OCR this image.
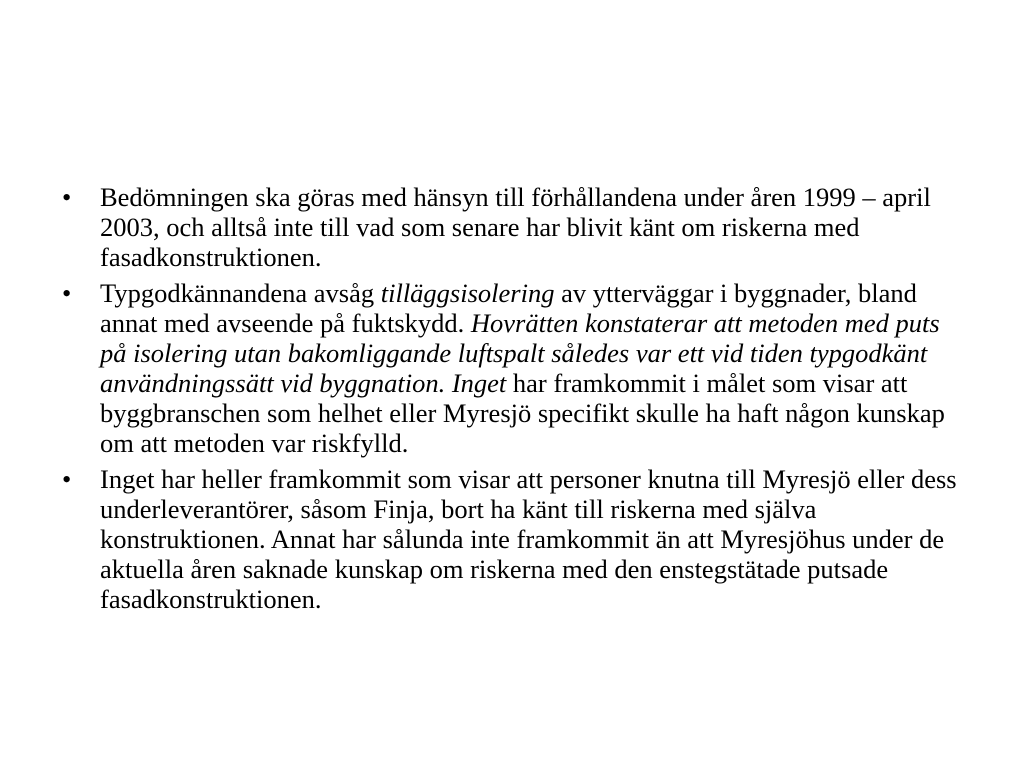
•	Bedömningen ska göras med hänsyn till förhållandena under åren 1999 – april 2003, och alltså inte till vad som senare har blivit känt om riskerna med fasadkonstruktionen.
•	Typgodkännandena avsåg tilläggsisolering av ytterväggar i byggnader, bland annat med avseende på fuktskydd. Hovrätten konstaterar att metoden med puts på isolering utan bakomliggande luftspalt således var ett vid tiden typgodkänt användningssätt vid byggnation. Inget har framkommit i målet som visar att byggbranschen som helhet eller Myresjö specifikt skulle ha haft någon kunskap om att metoden var riskfylld.
•	Inget har heller framkommit som visar att personer knutna till Myresjö eller dess underleverantörer, såsom Finja, bort ha känt till riskerna med själva konstruktionen. Annat har sålunda inte framkommit än att Myresjöhus under de aktuella åren saknade kunskap om riskerna med den enstegstätade putsade fasadkonstruktionen.
